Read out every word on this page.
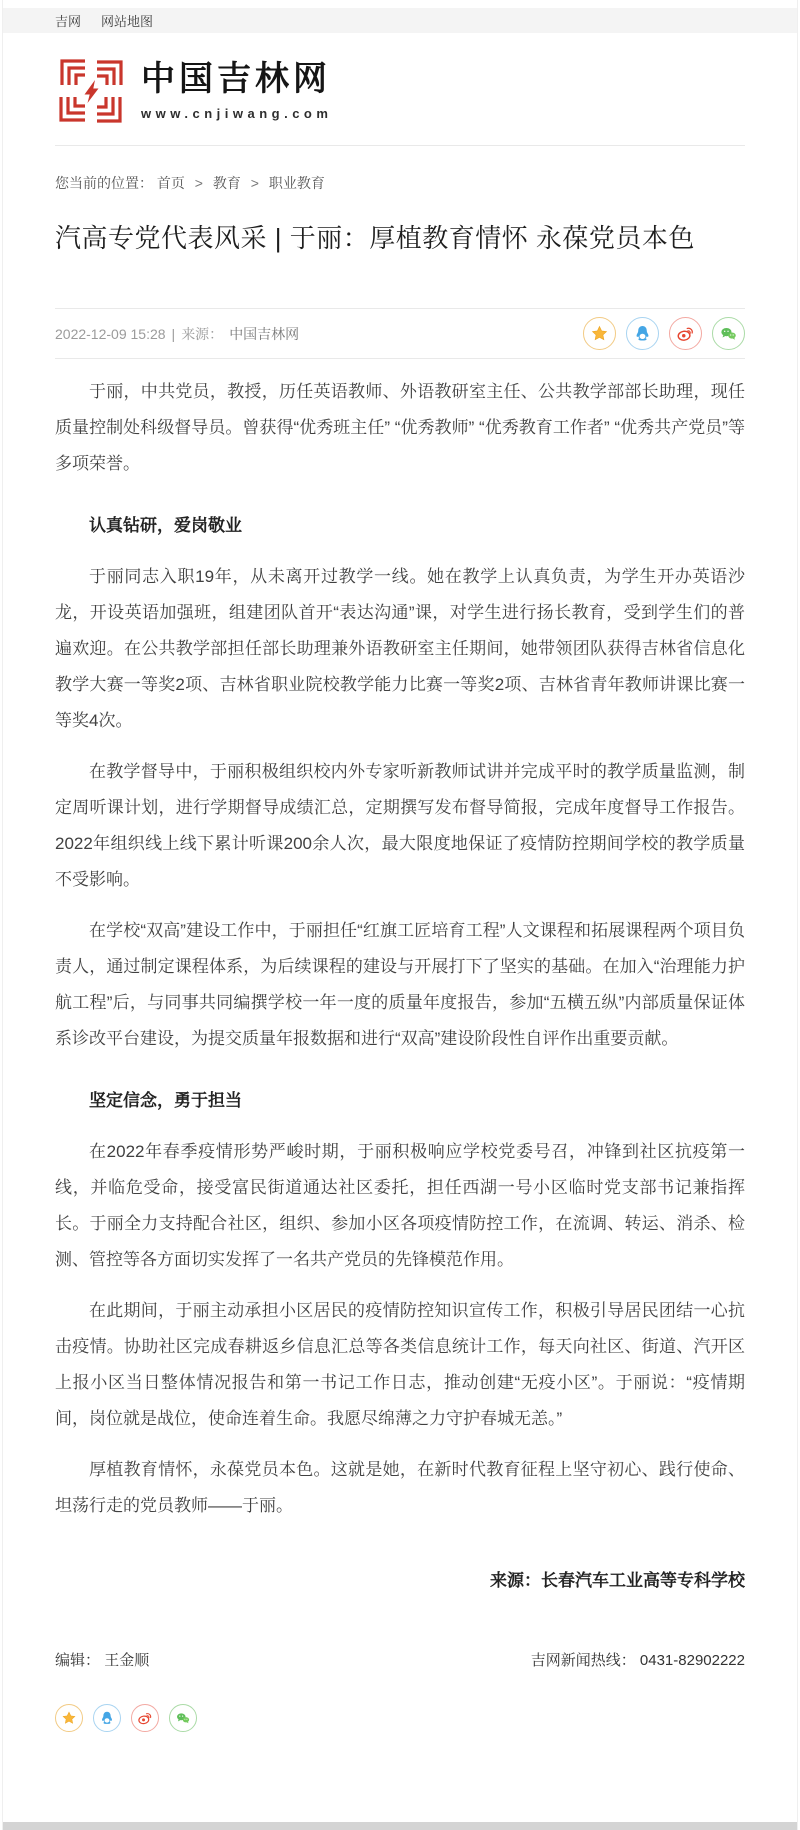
吉网 网站地图
中国吉林网
www.cnjiwang.com
您当前的位置： 首页 > 教育 > 职业教育
汽高专党代表风采 | 于丽：厚植教育情怀 永葆党员本色
2022-12-09 15:28 | 来源： 中国吉林网

于丽，中共党员，教授，历任英语教师、外语教研室主任、公共教学部部长助理，现任质量控制处科级督导员。曾获得“优秀班主任” “优秀教师” “优秀教育工作者” “优秀共产党员”等多项荣誉。

认真钻研，爱岗敬业

于丽同志入职19年，从未离开过教学一线。她在教学上认真负责，为学生开办英语沙龙，开设英语加强班，组建团队首开“表达沟通”课，对学生进行扬长教育，受到学生们的普遍欢迎。在公共教学部担任部长助理兼外语教研室主任期间，她带领团队获得吉林省信息化教学大赛一等奖2项、吉林省职业院校教学能力比赛一等奖2项、吉林省青年教师讲课比赛一等奖4次。

在教学督导中，于丽积极组织校内外专家听新教师试讲并完成平时的教学质量监测，制定周听课计划，进行学期督导成绩汇总，定期撰写发布督导简报，完成年度督导工作报告。2022年组织线上线下累计听课200余人次，最大限度地保证了疫情防控期间学校的教学质量不受影响。

在学校“双高”建设工作中，于丽担任“红旗工匠培育工程”人文课程和拓展课程两个项目负责人，通过制定课程体系，为后续课程的建设与开展打下了坚实的基础。在加入“治理能力护航工程”后，与同事共同编撰学校一年一度的质量年度报告，参加“五横五纵”内部质量保证体系诊改平台建设，为提交质量年报数据和进行“双高”建设阶段性自评作出重要贡献。

坚定信念，勇于担当

在2022年春季疫情形势严峻时期，于丽积极响应学校党委号召，冲锋到社区抗疫第一线，并临危受命，接受富民街道通达社区委托，担任西湖一号小区临时党支部书记兼指挥长。于丽全力支持配合社区，组织、参加小区各项疫情防控工作，在流调、转运、消杀、检测、管控等各方面切实发挥了一名共产党员的先锋模范作用。

在此期间，于丽主动承担小区居民的疫情防控知识宣传工作，积极引导居民团结一心抗击疫情。协助社区完成春耕返乡信息汇总等各类信息统计工作，每天向社区、街道、汽开区上报小区当日整体情况报告和第一书记工作日志，推动创建“无疫小区”。于丽说：“疫情期间，岗位就是战位，使命连着生命。我愿尽绵薄之力守护春城无恙。”

厚植教育情怀，永葆党员本色。这就是她，在新时代教育征程上坚守初心、践行使命、坦荡行走的党员教师——于丽。

来源：长春汽车工业高等专科学校
编辑： 王金顺	吉网新闻热线： 0431-82902222
